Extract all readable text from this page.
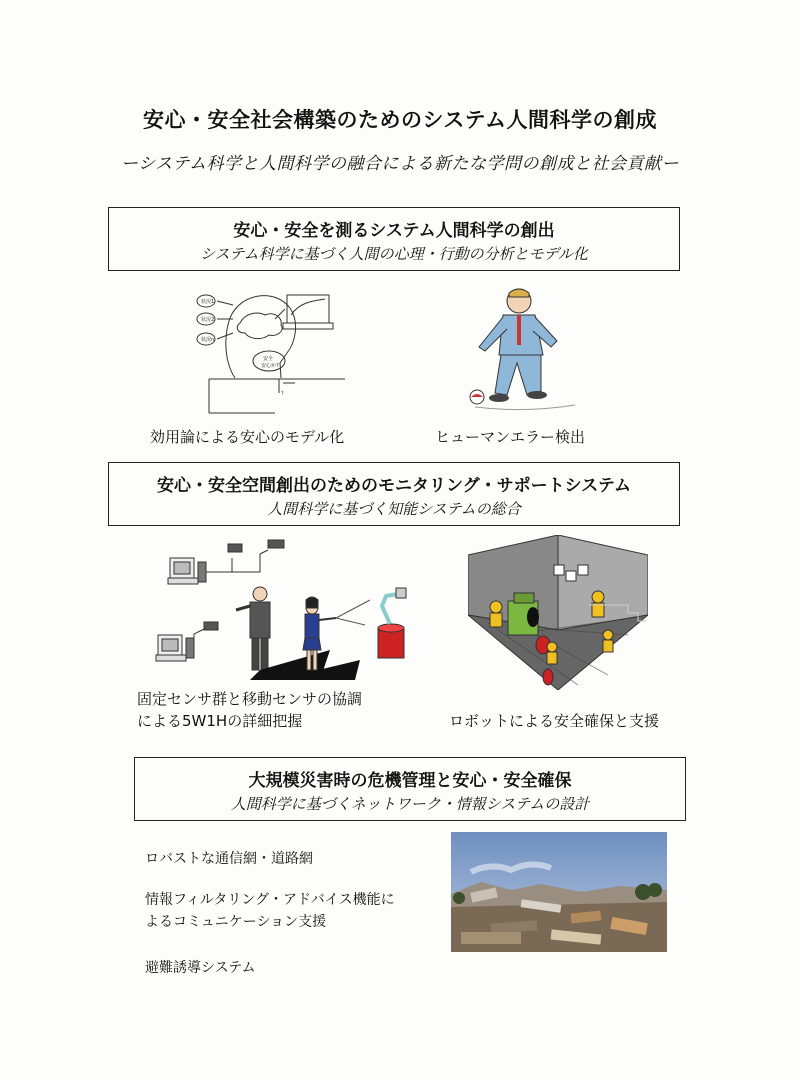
安心・安全社会構築のためのシステム人間科学の創成
ーシステム科学と人間科学の融合による新たな学問の創成と社会貢献ー
安心・安全を測るシステム人間科学の創出
システム科学に基づく人間の心理・行動の分析とモデル化
状況1
状況2
状況n
安全
安心か?
?
効用論による安心のモデル化	ヒューマンエラー検出
安心・安全空間創出のためのモニタリング・サポートシステム
人間科学に基づく知能システムの総合
固定センサ群と移動センサの協調
による5W1Hの詳細把握	ロボットによる安全確保と支援
大規模災害時の危機管理と安心・安全確保
人間科学に基づくネットワーク・情報システムの設計
ロバストな通信網・道路網
情報フィルタリング・アドバイス機能に
よるコミュニケーション支援
避難誘導システム
